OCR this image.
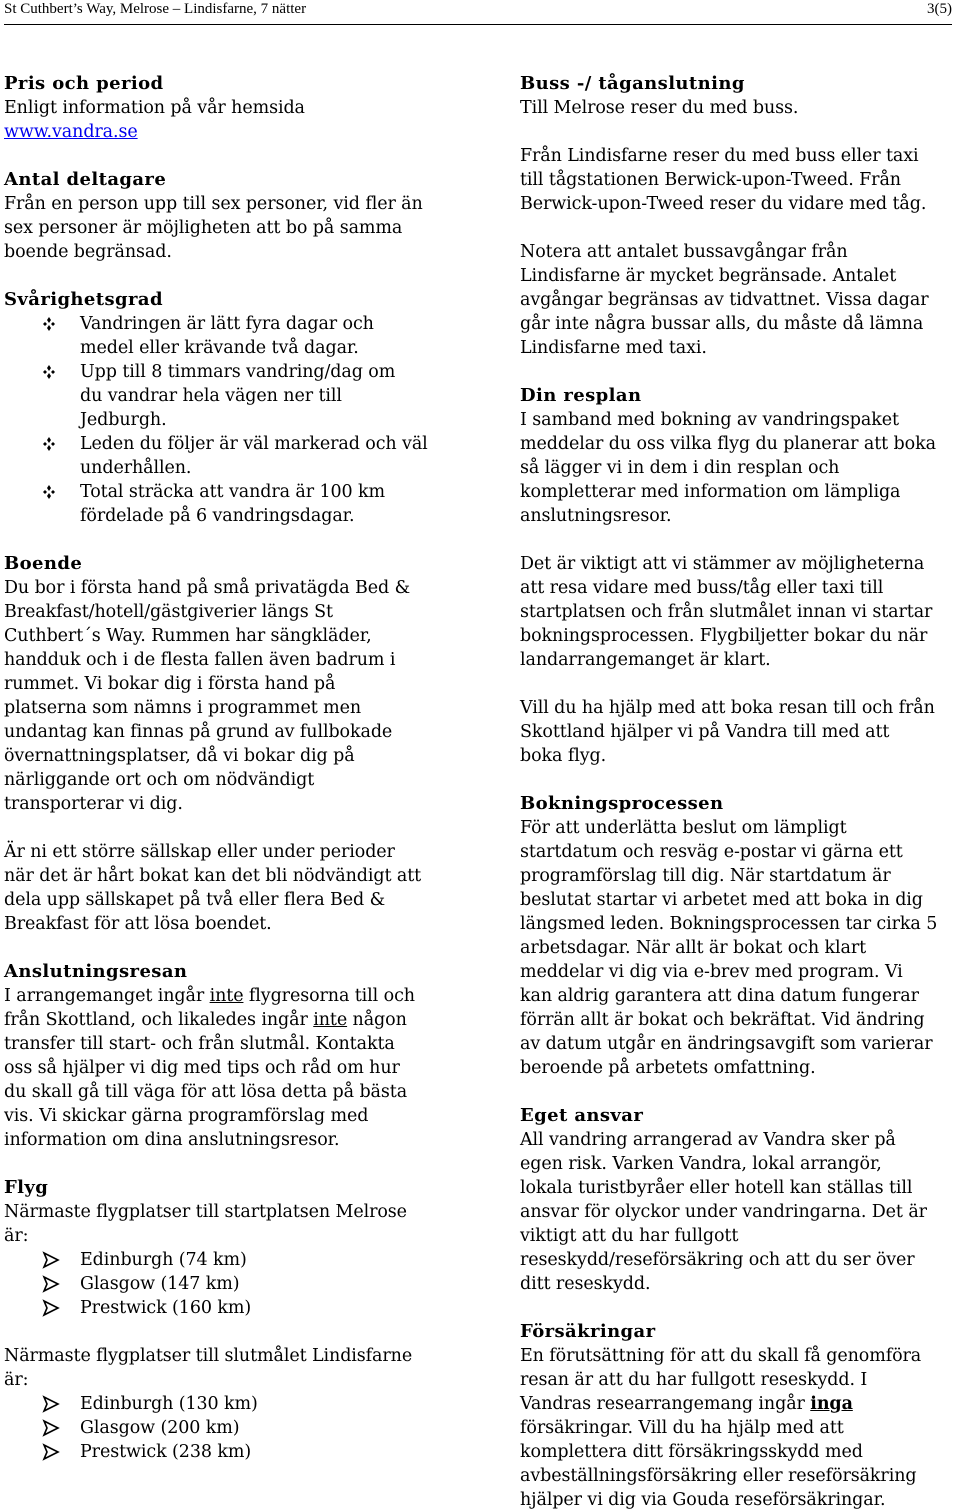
St Cuthbert’s Way, Melrose – Lindisfarne, 7 nätter	3(5)
Pris och period

Enligt information på vår hemsida

www.vandra.se

Antal deltagare

Från en person upp till sex personer, vid fler än

sex personer är möjligheten att bo på samma

boende begränsad.

Svårighetsgrad

Vandringen är lätt fyra dagar och

medel eller krävande två dagar.

Upp till 8 timmars vandring/dag om

du vandrar hela vägen ner till

Jedburgh.

Leden du följer är väl markerad och väl

underhållen.

Total sträcka att vandra är 100 km

fördelade på 6 vandringsdagar.

Boende

Du bor i första hand på små privatägda Bed &

Breakfast/hotell/gästgiverier längs St

Cuthbert´s Way. Rummen har sängkläder,

handduk och i de flesta fallen även badrum i

rummet. Vi bokar dig i första hand på

platserna som nämns i programmet men

undantag kan finnas på grund av fullbokade

övernattningsplatser, då vi bokar dig på

närliggande ort och om nödvändigt

transporterar vi dig.

Är ni ett större sällskap eller under perioder

när det är hårt bokat kan det bli nödvändigt att

dela upp sällskapet på två eller flera Bed &

Breakfast för att lösa boendet.

Anslutningsresan

I arrangemanget ingår inte flygresorna till och

från Skottland, och likaledes ingår inte någon

transfer till start- och från slutmål. Kontakta

oss så hjälper vi dig med tips och råd om hur

du skall gå till väga för att lösa detta på bästa

vis. Vi skickar gärna programförslag med

information om dina anslutningsresor.

Flyg

Närmaste flygplatser till startplatsen Melrose

är:

Edinburgh (74 km)

Glasgow (147 km)

Prestwick (160 km)

Närmaste flygplatser till slutmålet Lindisfarne

är:

Edinburgh (130 km)

Glasgow (200 km)

Prestwick (238 km)

Buss -/ tåganslutning

Till Melrose reser du med buss.

Från Lindisfarne reser du med buss eller taxi

till tågstationen Berwick-upon-Tweed. Från

Berwick-upon-Tweed reser du vidare med tåg.

Notera att antalet bussavgångar från

Lindisfarne är mycket begränsade. Antalet

avgångar begränsas av tidvattnet. Vissa dagar

går inte några bussar alls, du måste då lämna

Lindisfarne med taxi.

Din resplan

I samband med bokning av vandringspaket

meddelar du oss vilka flyg du planerar att boka

så lägger vi in dem i din resplan och

kompletterar med information om lämpliga

anslutningsresor.

Det är viktigt att vi stämmer av möjligheterna

att resa vidare med buss/tåg eller taxi till

startplatsen och från slutmålet innan vi startar

bokningsprocessen. Flygbiljetter bokar du när

landarrangemanget är klart.

Vill du ha hjälp med att boka resan till och från

Skottland hjälper vi på Vandra till med att

boka flyg.

Bokningsprocessen

För att underlätta beslut om lämpligt

startdatum och resväg e-postar vi gärna ett

programförslag till dig. När startdatum är

beslutat startar vi arbetet med att boka in dig

längsmed leden. Bokningsprocessen tar cirka 5

arbetsdagar. När allt är bokat och klart

meddelar vi dig via e-brev med program. Vi

kan aldrig garantera att dina datum fungerar

förrän allt är bokat och bekräftat. Vid ändring

av datum utgår en ändringsavgift som varierar

beroende på arbetets omfattning.

Eget ansvar

All vandring arrangerad av Vandra sker på

egen risk. Varken Vandra, lokal arrangör,

lokala turistbyråer eller hotell kan ställas till

ansvar för olyckor under vandringarna. Det är

viktigt att du har fullgott

reseskydd/reseförsäkring och att du ser över

ditt reseskydd.

Försäkringar

En förutsättning för att du skall få genomföra

resan är att du har fullgott reseskydd. I

Vandras researrangemang ingår inga

försäkringar. Vill du ha hjälp med att

komplettera ditt försäkringsskydd med

avbeställningsförsäkring eller reseförsäkring

hjälper vi dig via Gouda reseförsäkringar.
